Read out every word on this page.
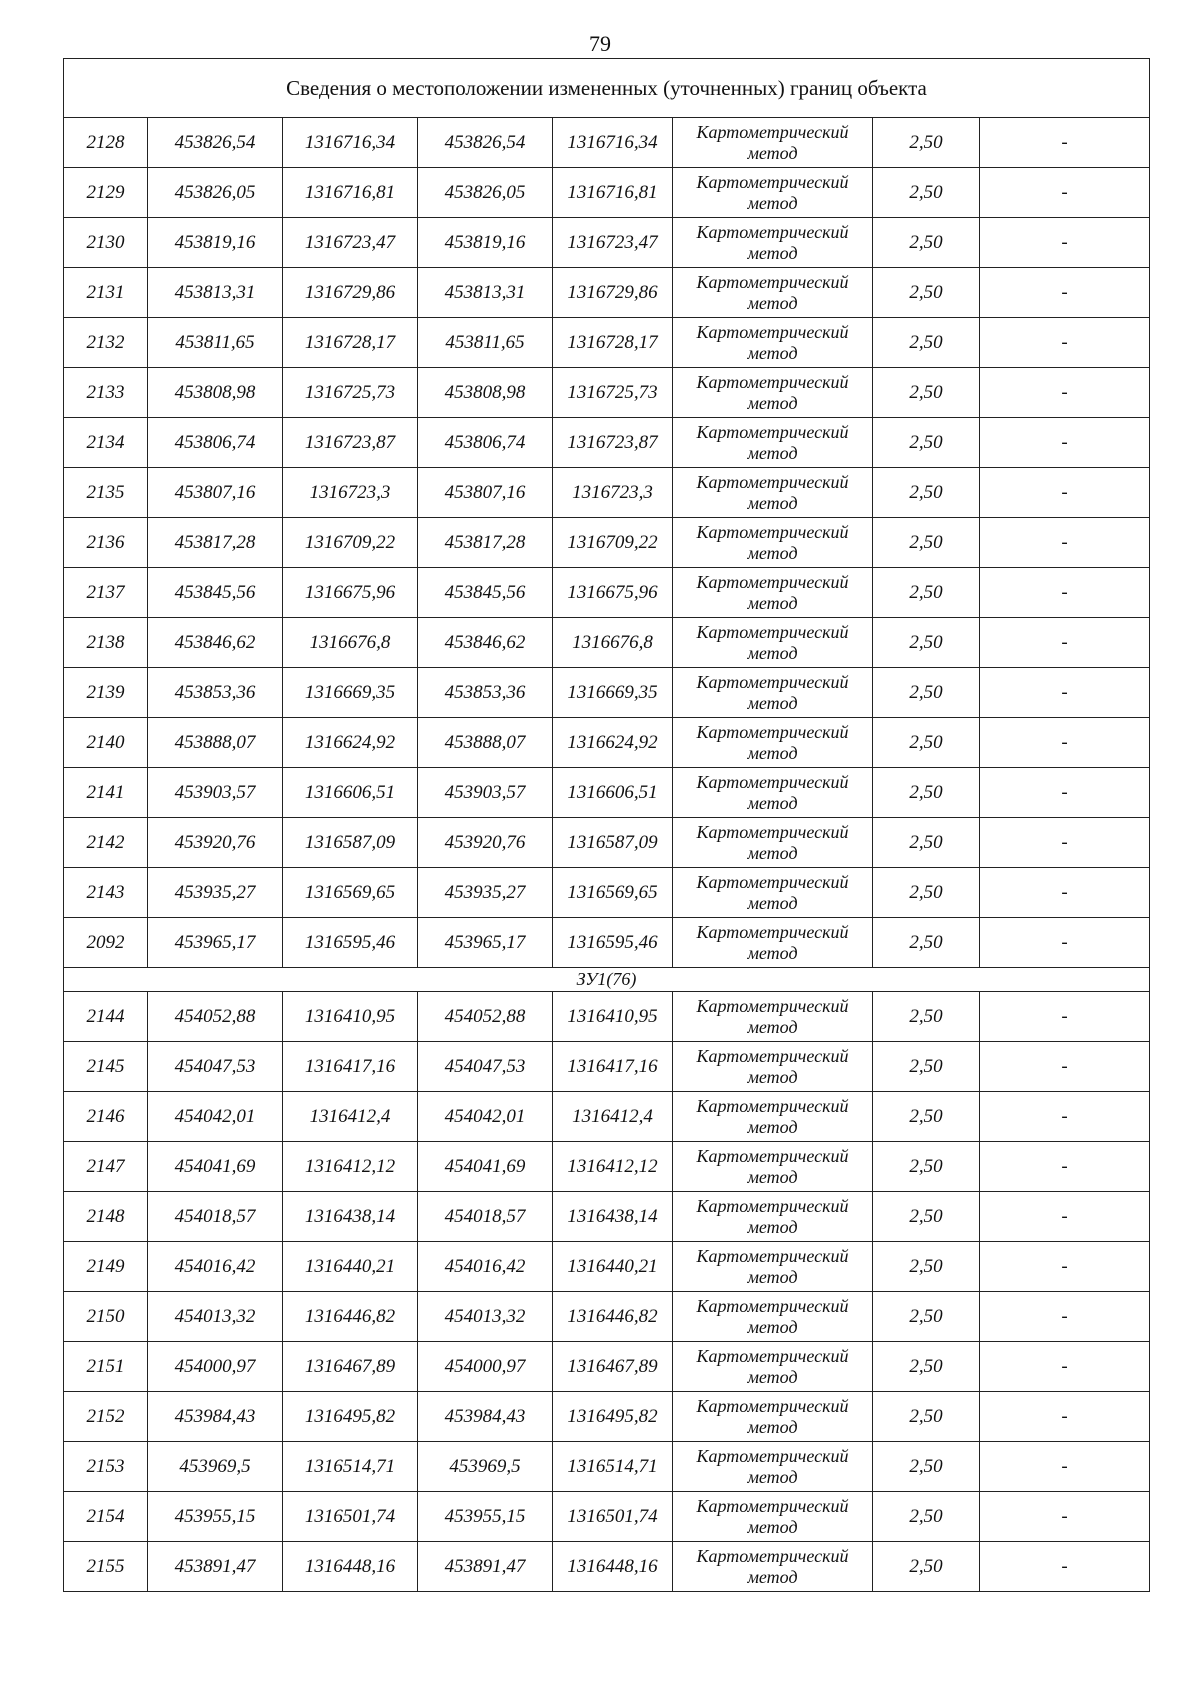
79
Сведения о местоположении измененных (уточненных) границ объекта							
2128	453826,54	1316716,34	453826,54	1316716,34	Картометрический метод	2,50	-
2129	453826,05	1316716,81	453826,05	1316716,81	Картометрический метод	2,50	-
2130	453819,16	1316723,47	453819,16	1316723,47	Картометрический метод	2,50	-
2131	453813,31	1316729,86	453813,31	1316729,86	Картометрический метод	2,50	-
2132	453811,65	1316728,17	453811,65	1316728,17	Картометрический метод	2,50	-
2133	453808,98	1316725,73	453808,98	1316725,73	Картометрический метод	2,50	-
2134	453806,74	1316723,87	453806,74	1316723,87	Картометрический метод	2,50	-
2135	453807,16	1316723,3	453807,16	1316723,3	Картометрический метод	2,50	-
2136	453817,28	1316709,22	453817,28	1316709,22	Картометрический метод	2,50	-
2137	453845,56	1316675,96	453845,56	1316675,96	Картометрический метод	2,50	-
2138	453846,62	1316676,8	453846,62	1316676,8	Картометрический метод	2,50	-
2139	453853,36	1316669,35	453853,36	1316669,35	Картометрический метод	2,50	-
2140	453888,07	1316624,92	453888,07	1316624,92	Картометрический метод	2,50	-
2141	453903,57	1316606,51	453903,57	1316606,51	Картометрический метод	2,50	-
2142	453920,76	1316587,09	453920,76	1316587,09	Картометрический метод	2,50	-
2143	453935,27	1316569,65	453935,27	1316569,65	Картометрический метод	2,50	-
2092	453965,17	1316595,46	453965,17	1316595,46	Картометрический метод	2,50	-
ЗУ1(76)							
2144	454052,88	1316410,95	454052,88	1316410,95	Картометрический метод	2,50	-
2145	454047,53	1316417,16	454047,53	1316417,16	Картометрический метод	2,50	-
2146	454042,01	1316412,4	454042,01	1316412,4	Картометрический метод	2,50	-
2147	454041,69	1316412,12	454041,69	1316412,12	Картометрический метод	2,50	-
2148	454018,57	1316438,14	454018,57	1316438,14	Картометрический метод	2,50	-
2149	454016,42	1316440,21	454016,42	1316440,21	Картометрический метод	2,50	-
2150	454013,32	1316446,82	454013,32	1316446,82	Картометрический метод	2,50	-
2151	454000,97	1316467,89	454000,97	1316467,89	Картометрический метод	2,50	-
2152	453984,43	1316495,82	453984,43	1316495,82	Картометрический метод	2,50	-
2153	453969,5	1316514,71	453969,5	1316514,71	Картометрический метод	2,50	-
2154	453955,15	1316501,74	453955,15	1316501,74	Картометрический метод	2,50	-
2155	453891,47	1316448,16	453891,47	1316448,16	Картометрический метод	2,50	-
